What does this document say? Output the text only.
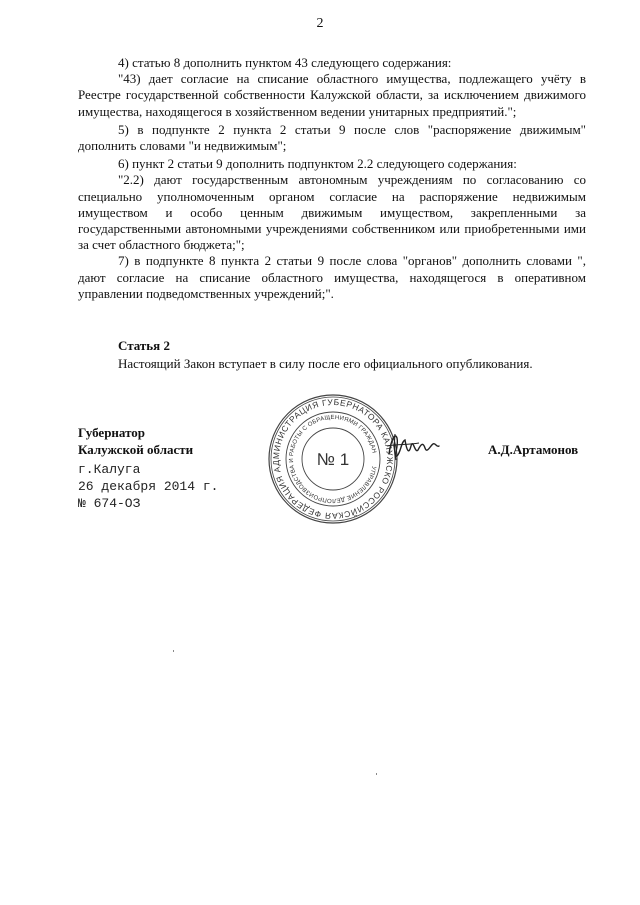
2

4) статью 8 дополнить пунктом 43 следующего содержания:

"43) дает согласие на списание областного имущества, подлежащего учёту в Реестре государственной собственности Калужской области, за исключением движимого имущества, находящегося в хозяйственном ведении унитарных предприятий.";

5) в подпункте 2 пункта 2 статьи 9 после слов "распоряжение движимым" дополнить словами "и недвижимым";

6) пункт 2 статьи 9 дополнить подпунктом 2.2 следующего содержания:

"2.2) дают государственным автономным учреждениям по согласованию со специально уполномоченным органом согласие на распоряжение недвижимым имуществом и особо ценным движимым имуществом, закрепленными за государственными автономными учреждениями собственником или приобретенными ими за счет областного бюджета;";

7) в подпункте 8 пункта 2 статьи 9 после слова "органов" дополнить словами ", дают согласие на списание областного имущества, находящегося в оперативном управлении подведомственных учреждений;".

Статья 2
Настоящий Закон вступает в силу после его официального опубликования.
Губернатор
Калужской области
г.Калуга
26 декабря 2014 г.
№ 674-ОЗ
РОССИЙСКАЯ ФЕДЕРАЦИЯ АДМИНИСТРАЦИЯ ГУБЕРНАТОРА КАЛУЖСКОЙ
УПРАВЛЕНИЕ ДЕЛОПРОИЗВОДСТВА И РАБОТЫ С ОБРАЩЕНИЯМИ ГРАЖДАН
№ 1
А.Д.Артамонов
